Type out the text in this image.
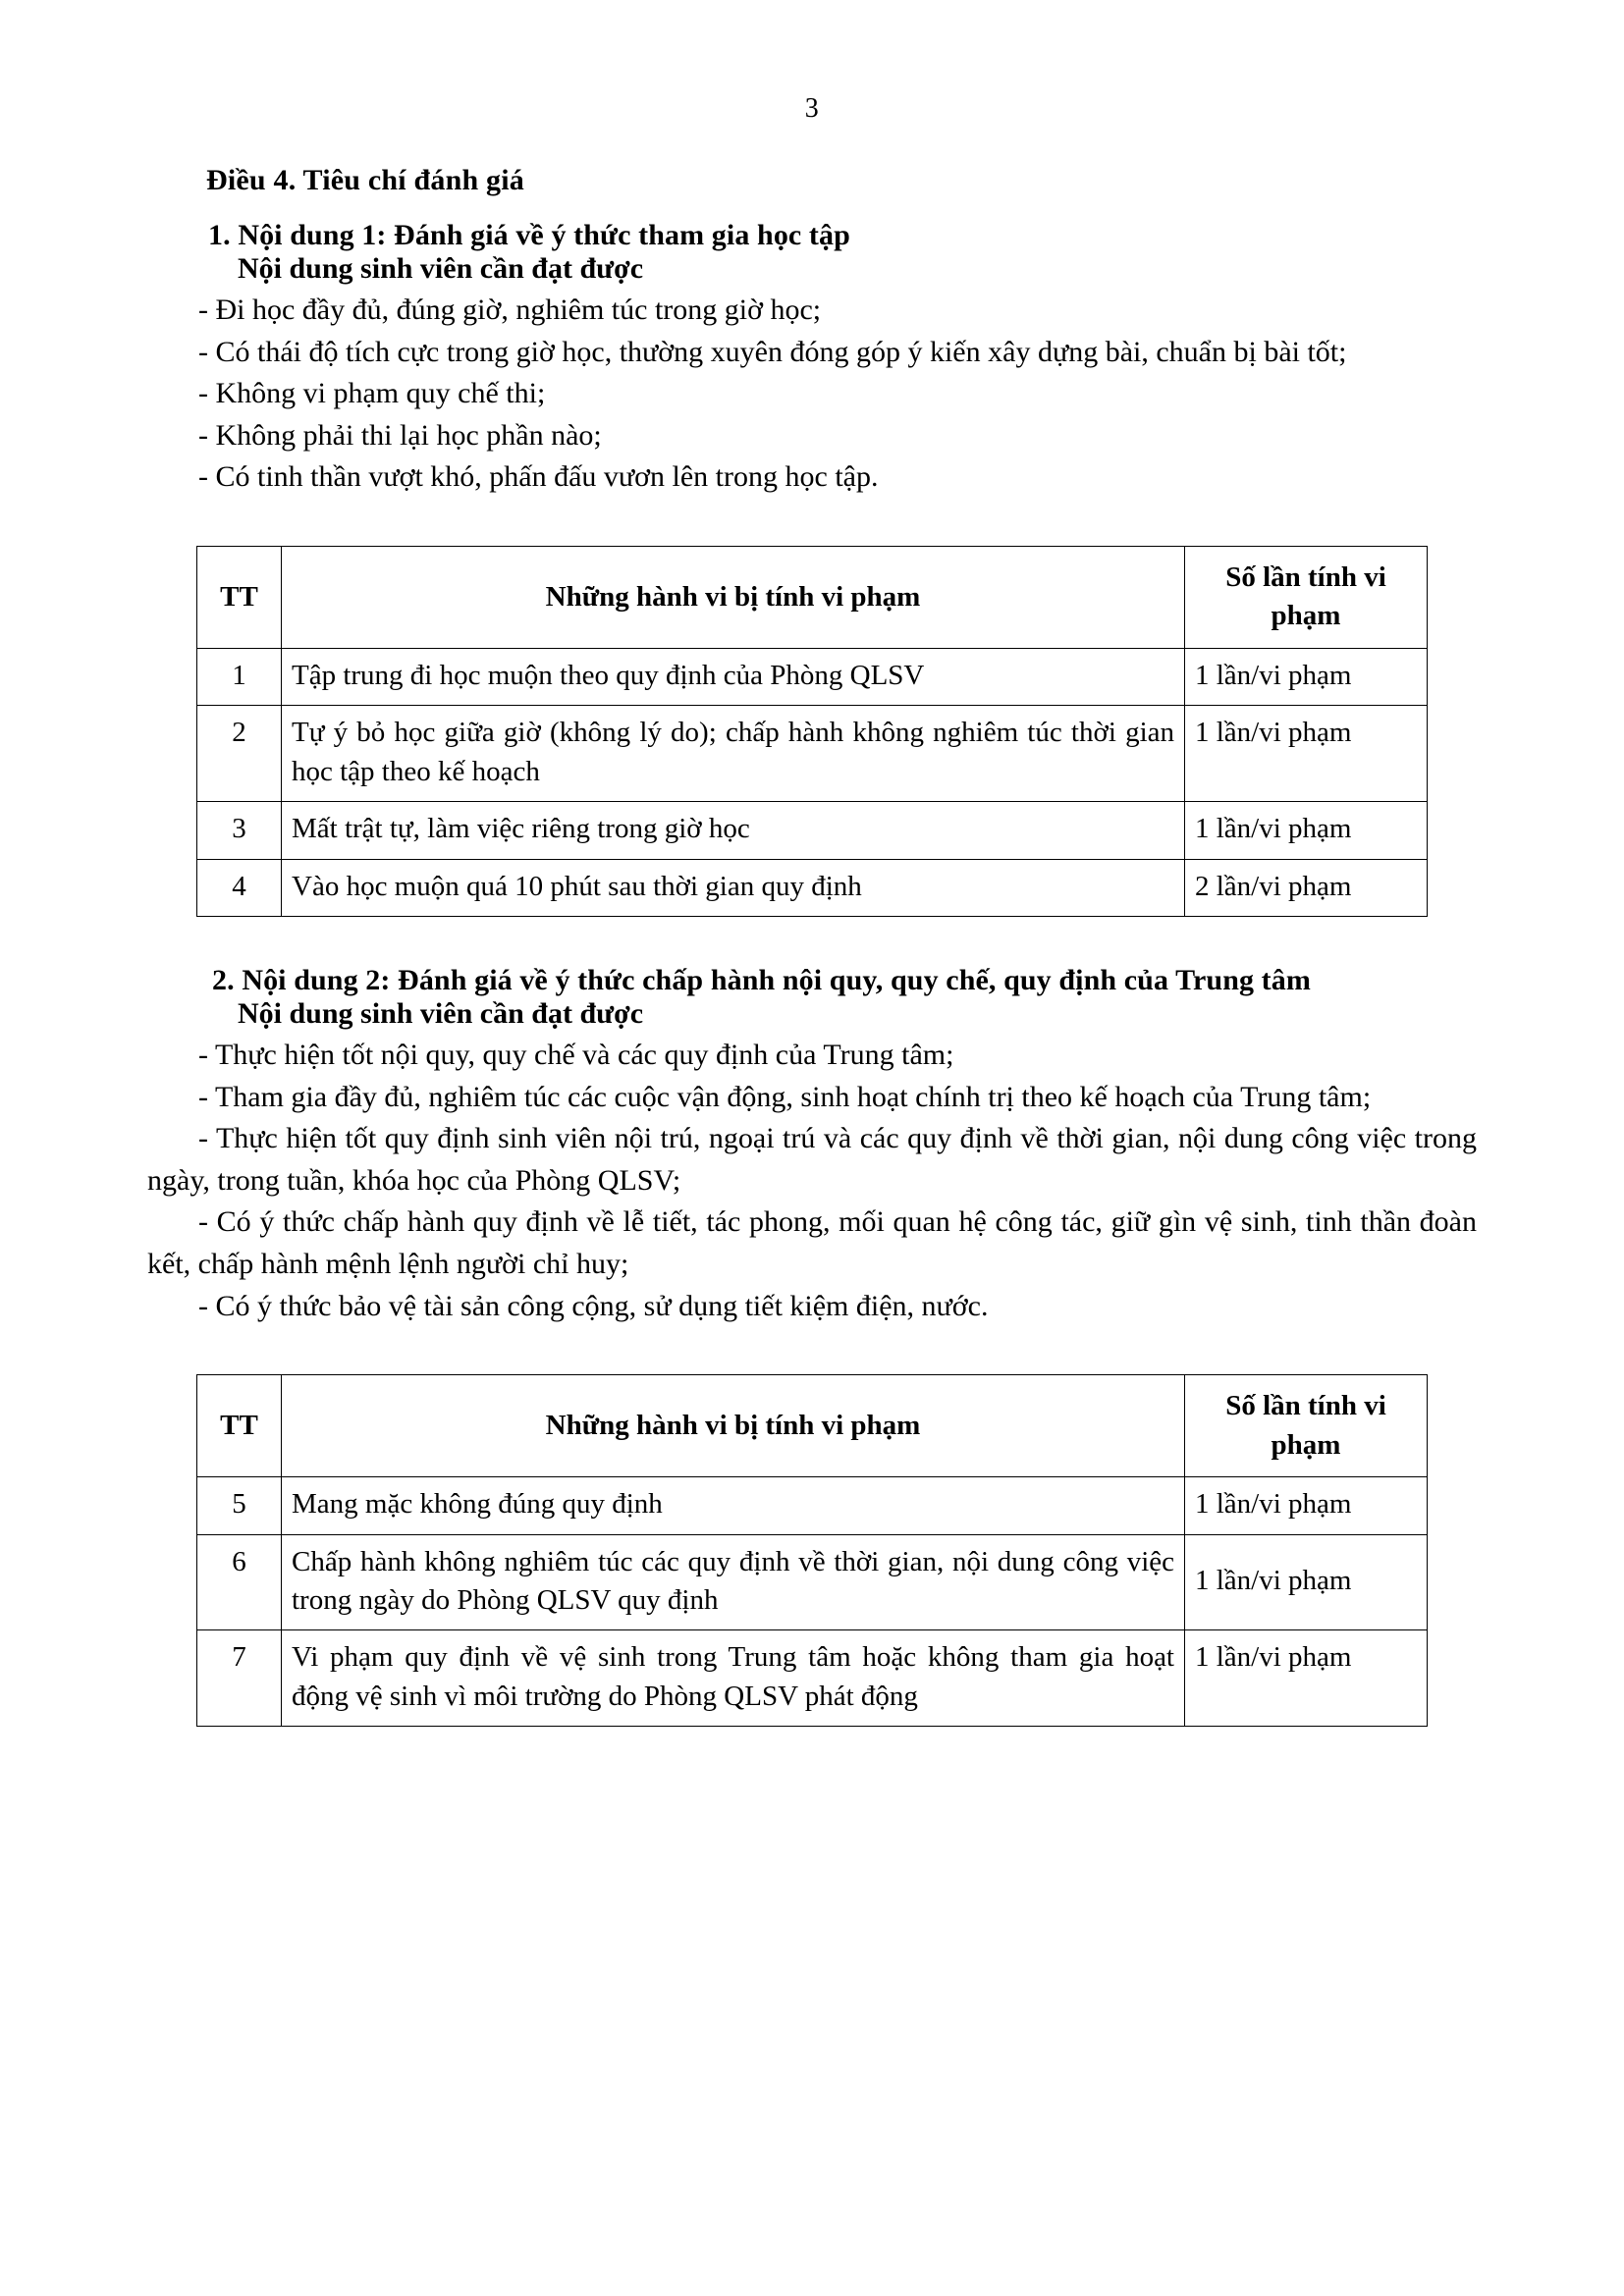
3
Điều 4. Tiêu chí đánh giá
1. Nội dung 1: Đánh giá về ý thức tham gia học tập
Nội dung sinh viên cần đạt được

- Đi học đầy đủ, đúng giờ, nghiêm túc trong giờ học;

- Có thái độ tích cực trong giờ học, thường xuyên đóng góp ý kiến xây dựng bài, chuẩn bị bài tốt;

- Không vi phạm quy chế thi;

- Không phải thi lại học phần nào;

- Có tinh thần vượt khó, phấn đấu vươn lên trong học tập.

TT	Những hành vi bị tính vi phạm	Số lần tính vi phạm
1	Tập trung đi học muộn theo quy định của Phòng QLSV	1 lần/vi phạm
2	Tự ý bỏ học giữa giờ (không lý do); chấp hành không nghiêm túc thời gian học tập theo kế hoạch	1 lần/vi phạm
3	Mất trật tự, làm việc riêng trong giờ học	1 lần/vi phạm
4	Vào học muộn quá 10 phút sau thời gian quy định	2 lần/vi phạm
2. Nội dung 2: Đánh giá về ý thức chấp hành nội quy, quy chế, quy định của Trung tâm
Nội dung sinh viên cần đạt được

- Thực hiện tốt nội quy, quy chế và các quy định của Trung tâm;

- Tham gia đầy đủ, nghiêm túc các cuộc vận động, sinh hoạt chính trị theo kế hoạch của Trung tâm;

- Thực hiện tốt quy định sinh viên nội trú, ngoại trú và các quy định về thời gian, nội dung công việc trong ngày, trong tuần, khóa học của Phòng QLSV;

- Có ý thức chấp hành quy định về lễ tiết, tác phong, mối quan hệ công tác, giữ gìn vệ sinh, tinh thần đoàn kết, chấp hành mệnh lệnh người chỉ huy;

- Có ý thức bảo vệ tài sản công cộng, sử dụng tiết kiệm điện, nước.

TT	Những hành vi bị tính vi phạm	Số lần tính vi phạm
5	Mang mặc không đúng quy định	1 lần/vi phạm
6	Chấp hành không nghiêm túc các quy định về thời gian, nội dung công việc trong ngày do Phòng QLSV quy định	1 lần/vi phạm
7	Vi phạm quy định về vệ sinh trong Trung tâm hoặc không tham gia hoạt động vệ sinh vì môi trường do Phòng QLSV phát động	1 lần/vi phạm
